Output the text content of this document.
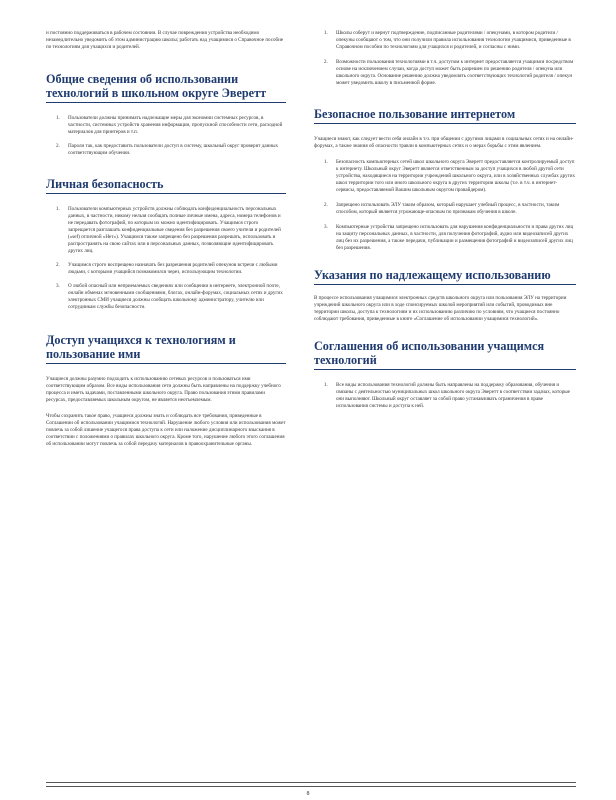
и постоянно поддерживаться в рабочем состоянии. В случае повреждения устройства необходимо незамедлительно уведомить об этом администрацию школы; работать над учащимися о Справочное пособие по технологиям для учащихся и родителей.

Общие сведения об использовании технологий в школьном округе Эверетт
1. Пользователи должны принимать надлежащие меры для экономии системных ресурсов, в частности, системных устройств хранения информации, пропускной способности сети, расходной материалов для принтеров и т.п.
2. Пароли так, как предоставить пользователи доступ в систему, школьный округ проверит данных соответствующим обучении.
Личная безопасность
1. Пользователи компьютерных устройств должны соблюдать конфиденциальность персональных данных, в частности, никому нельзя сообщать полные личные имена, адреса, номера телефонов и не передавать фотографий, по которым их можно идентифицировать. Учащимся строго запрещается разглашать конфиденциальные сведения без разрешения своего учителя и родителей («sef) отличной «Нет»). Учащимся также запрещено без разрешения разрешать, использовать и распространять на свою сайтах или в персональных данных, позволяющие идентифицировать других лиц.
2. Учащимся строго воспрещено назначать без разрешения родителей опекунов встречи с любыми людьми, с которыми учащийся познакомился через, использующим технологии.
3. О любой опасный или неприемлемых сведениях или сообщении в интернете, электронной почте, онлайн обменах мгновенными сообщениями, блогах, онлайн-форумах, социальных сетях и других электронных СМИ учащиеся должны сообщать школьному администратору, учителю или сотрудникам службы безопасности.
Доступ учащихся к технологиям и пользование ими

Учащиеся должны разумно подходить к использованию сетевых ресурсов и пользоваться ими соответствующим образом. Все виды использования сети должны быть направлены на поддержку учебного процесса и иметь задачами, поставленными школьного округа. Право пользования этими правилами ресурсах, предоставляемых школьным округом, не является неотъемлемым.

Чтобы сохранить такое право, учащиеся должны знать и соблюдать все требования, приведенные в Соглашении об использовании учащимися технологий. Нарушение любого условия или использования может повлечь за собой лишение учащегося права доступа к сети или наложение дисциплинарного взыскания в соответствии с положениями о правилах школьного округа. Кроме того, нарушение любого этого соглашения об использовании могут повлечь за собой передачу материалов в правоохранительные органы.

1. Школы соберут и вернут подтверждение, подписанные родителями / опекунами, в котором родители / опекуны сообщают о том, что они получили правила использования технологии учащимися, приведенные в Справочном пособии по технологиям для учащихся и родителей, и согласны с ними.
2. Возможности пользования технологиями в т.ч. доступом к интернет предоставляется учащимся посредством основе на исключением случаи, когда доступ может быть разрешен по решению родителя / опекуна или школьного округа. Основание решению должна уведомлять соответствующих технологий родителя / опекун может уведомить школу в письменной форме.
Безопасное пользование интернетом

Учащиеся знают, как следует вести себя онлайн в т.ч. при общении с другими лицами в социальных сетях и на онлайн-форумах, а также знания об опасности травли в компьютерных сетях и о мерах борьбы с этим явлением.

1. Безопасность компьютерных сетей школ школьного округа Эверетт предоставляется контролируемый доступ к интернету. Школьный округ Эверетт является ответственным за доступ учащихся в любой другой сети устройства, находящиеся на территории учреждений школьного округа, или в хозяйственных службах других школ территории того или иного школьного округа в других территории школы (т.е. в т.ч. в интернет-сервисы, предоставляемой Вашим школьным округом провайдером).
2. Запрещено использовать ЭЛУ таким образом, который нарушает учебный процесс, в частности, таким способом, который является угрожающе-опасным по признакам обучения в школе.
3. Компьютерные устройства запрещено использовать для нарушения конфиденциальности и права других лиц на защиту персональных данных, в частности, для получения фотографий, аудио или видеозаписей других лиц без их разрешения, а также передачи, публикации и размещения фотографий и видеозаписей других лиц без разрешения.
Указания по надлежащему использованию

В процессе использования учащимися электронных средств школьного округа или пользования ЭЛУ на территории учреждений школьного округа или в ходе спонсируемых школой мероприятий или событий, проводимых вне территории школы, доступа к технологиям и их использованию различию по условиям, что учащиеся постоянно соблюдают требования, приведенные в книге «Соглашение об использовании учащимися технологий».

Соглашения об использовании учащимся технологий
1. Все виды использования технологий должны быть направлены на поддержку образования, обучения и связаны с деятельностью муниципальных школ школьного округа Эверетт в соответствии задачах, которые они выполняют. Школьный округ оставляет за собой право устанавливать ограничения в праве использования системы и доступа к ней.
8
